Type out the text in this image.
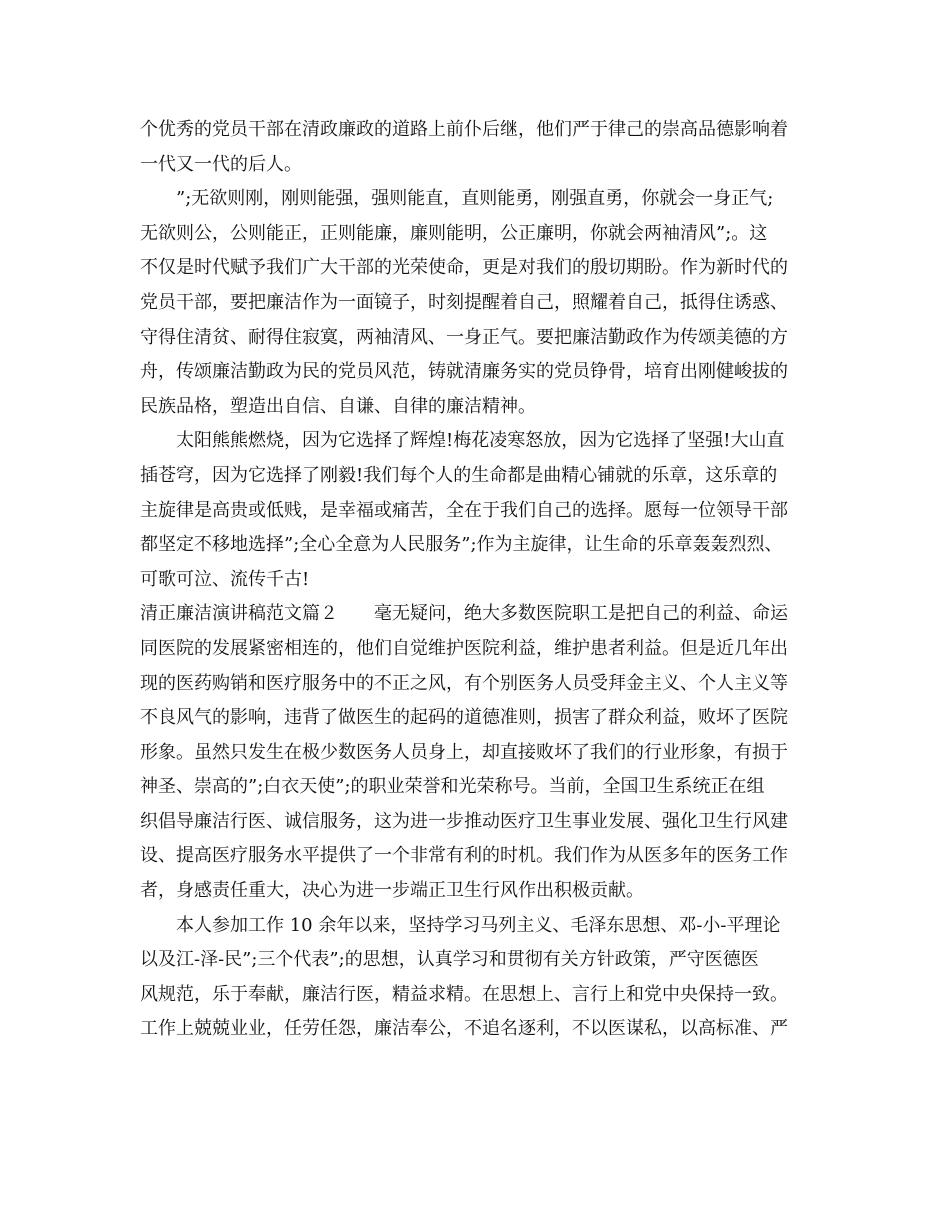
个优秀的党员干部在清政廉政的道路上前仆后继，他们严于律己的崇高品德影响着
一代又一代的后人。
”;无欲则刚，刚则能强，强则能直，直则能勇，刚强直勇，你就会一身正气;
无欲则公，公则能正，正则能廉，廉则能明，公正廉明，你就会两袖清风”;。这
不仅是时代赋予我们广大干部的光荣使命，更是对我们的殷切期盼。作为新时代的
党员干部，要把廉洁作为一面镜子，时刻提醒着自己，照耀着自己，抵得住诱惑、
守得住清贫、耐得住寂寞，两袖清风、一身正气。要把廉洁勤政作为传颂美德的方
舟，传颂廉洁勤政为民的党员风范，铸就清廉务实的党员铮骨，培育出刚健峻拔的
民族品格，塑造出自信、自谦、自律的廉洁精神。
太阳熊熊燃烧，因为它选择了辉煌!梅花凌寒怒放，因为它选择了坚强!大山直
插苍穹，因为它选择了刚毅!我们每个人的生命都是曲精心铺就的乐章，这乐章的
主旋律是高贵或低贱，是幸福或痛苦，全在于我们自己的选择。愿每一位领导干部
都坚定不移地选择”;全心全意为人民服务”;作为主旋律，让生命的乐章轰轰烈烈、
可歌可泣、流传千古!
清正廉洁演讲稿范文篇２　　毫无疑问，绝大多数医院职工是把自己的利益、命运
同医院的发展紧密相连的，他们自觉维护医院利益，维护患者利益。但是近几年出
现的医药购销和医疗服务中的不正之风，有个别医务人员受拜金主义、个人主义等
不良风气的影响，违背了做医生的起码的道德准则，损害了群众利益，败坏了医院
形象。虽然只发生在极少数医务人员身上，却直接败坏了我们的行业形象，有损于
神圣、崇高的”;白衣天使”;的职业荣誉和光荣称号。当前，全国卫生系统正在组
织倡导廉洁行医、诚信服务，这为进一步推动医疗卫生事业发展、强化卫生行风建
设、提高医疗服务水平提供了一个非常有利的时机。我们作为从医多年的医务工作
者，身感责任重大，决心为进一步端正卫生行风作出积极贡献。
本人参加工作 10 余年以来，坚持学习马列主义、毛泽东思想、邓-小-平理论
以及江-泽-民”;三个代表”;的思想，认真学习和贯彻有关方针政策，严守医德医
风规范，乐于奉献，廉洁行医，精益求精。在思想上、言行上和党中央保持一致。
工作上兢兢业业，任劳任怨，廉洁奉公，不追名逐利，不以医谋私，以高标准、严
